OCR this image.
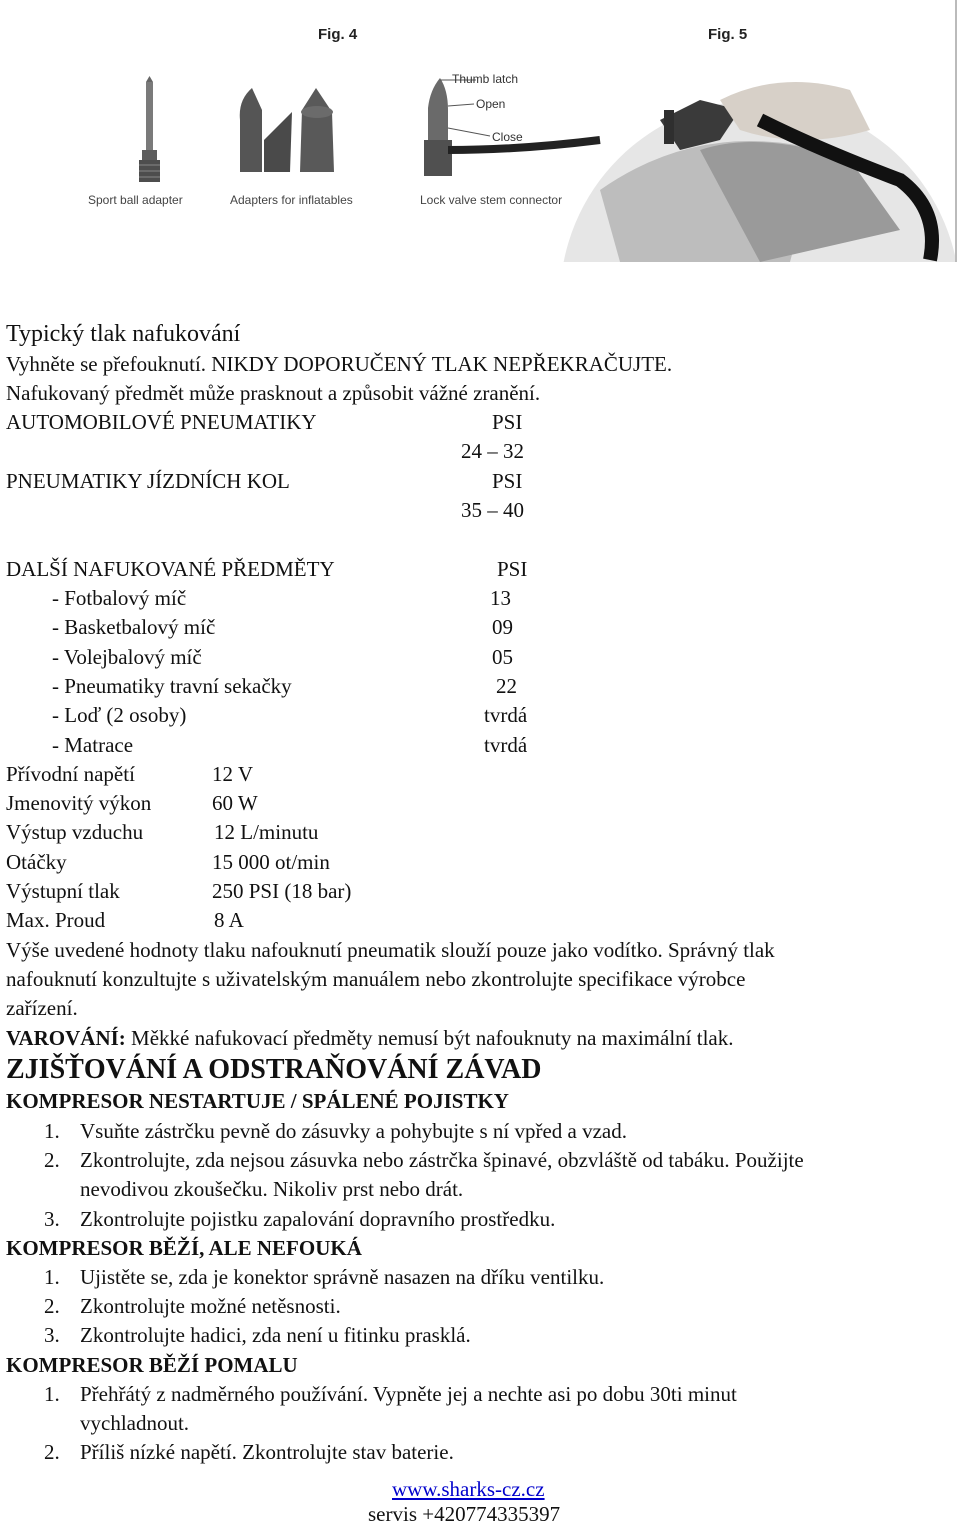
Fig. 4	Fig. 5
Thumb latch
Open
Close
Sport ball adapter	Adapters for inflatables	Lock valve stem connector
Typický tlak nafukování
Vyhněte se přefouknutí. NIKDY DOPORUČENÝ TLAK NEPŘEKRAČUJTE.
Nafukovaný předmět může prasknout a způsobit vážné zranění.
AUTOMOBILOVÉ PNEUMATIKY	PSI
24 – 32
PNEUMATIKY JÍZDNÍCH KOL	PSI
35 – 40
DALŠÍ NAFUKOVANÉ PŘEDMĚTY	PSI
- Fotbalový míč	13
- Basketbalový míč	09
- Volejbalový míč	05
- Pneumatiky travní sekačky	22
- Loď (2 osoby)	tvrdá
- Matrace	tvrdá
Přívodní napětí	12 V
Jmenovitý výkon	60 W
Výstup vzduchu	12 L/minutu
Otáčky	15 000 ot/min
Výstupní tlak	250 PSI (18 bar)
Max. Proud	8 A
Výše uvedené hodnoty tlaku nafouknutí pneumatik slouží pouze jako vodítko. Správný tlak
nafouknutí konzultujte s uživatelským manuálem nebo zkontrolujte specifikace výrobce
zařízení.
VAROVÁNÍ: Měkké nafukovací předměty nemusí být nafouknuty na maximální tlak.
ZJIŠŤOVÁNÍ A ODSTRAŇOVÁNÍ ZÁVAD
KOMPRESOR NESTARTUJE / SPÁLENÉ POJISTKY
1. Vsuňte zástrčku pevně do zásuvky a pohybujte s ní vpřed a vzad.
2. Zkontrolujte, zda nejsou zásuvka nebo zástrčka špinavé, obzvláště od tabáku. Použijte
nevodivou zkoušečku. Nikoliv prst nebo drát.
3. Zkontrolujte pojistku zapalování dopravního prostředku.
KOMPRESOR BĚŽÍ, ALE NEFOUKÁ
1. Ujistěte se, zda je konektor správně nasazen na dříku ventilku.
2. Zkontrolujte možné netěsnosti.
3. Zkontrolujte hadici, zda není u fitinku prasklá.
KOMPRESOR BĚŽÍ POMALU
1. Přehřátý z nadměrného používání. Vypněte jej a nechte asi po dobu 30ti minut
vychladnout.
2. Příliš nízké napětí. Zkontrolujte stav baterie.
www.sharks-cz.cz
servis +420774335397
